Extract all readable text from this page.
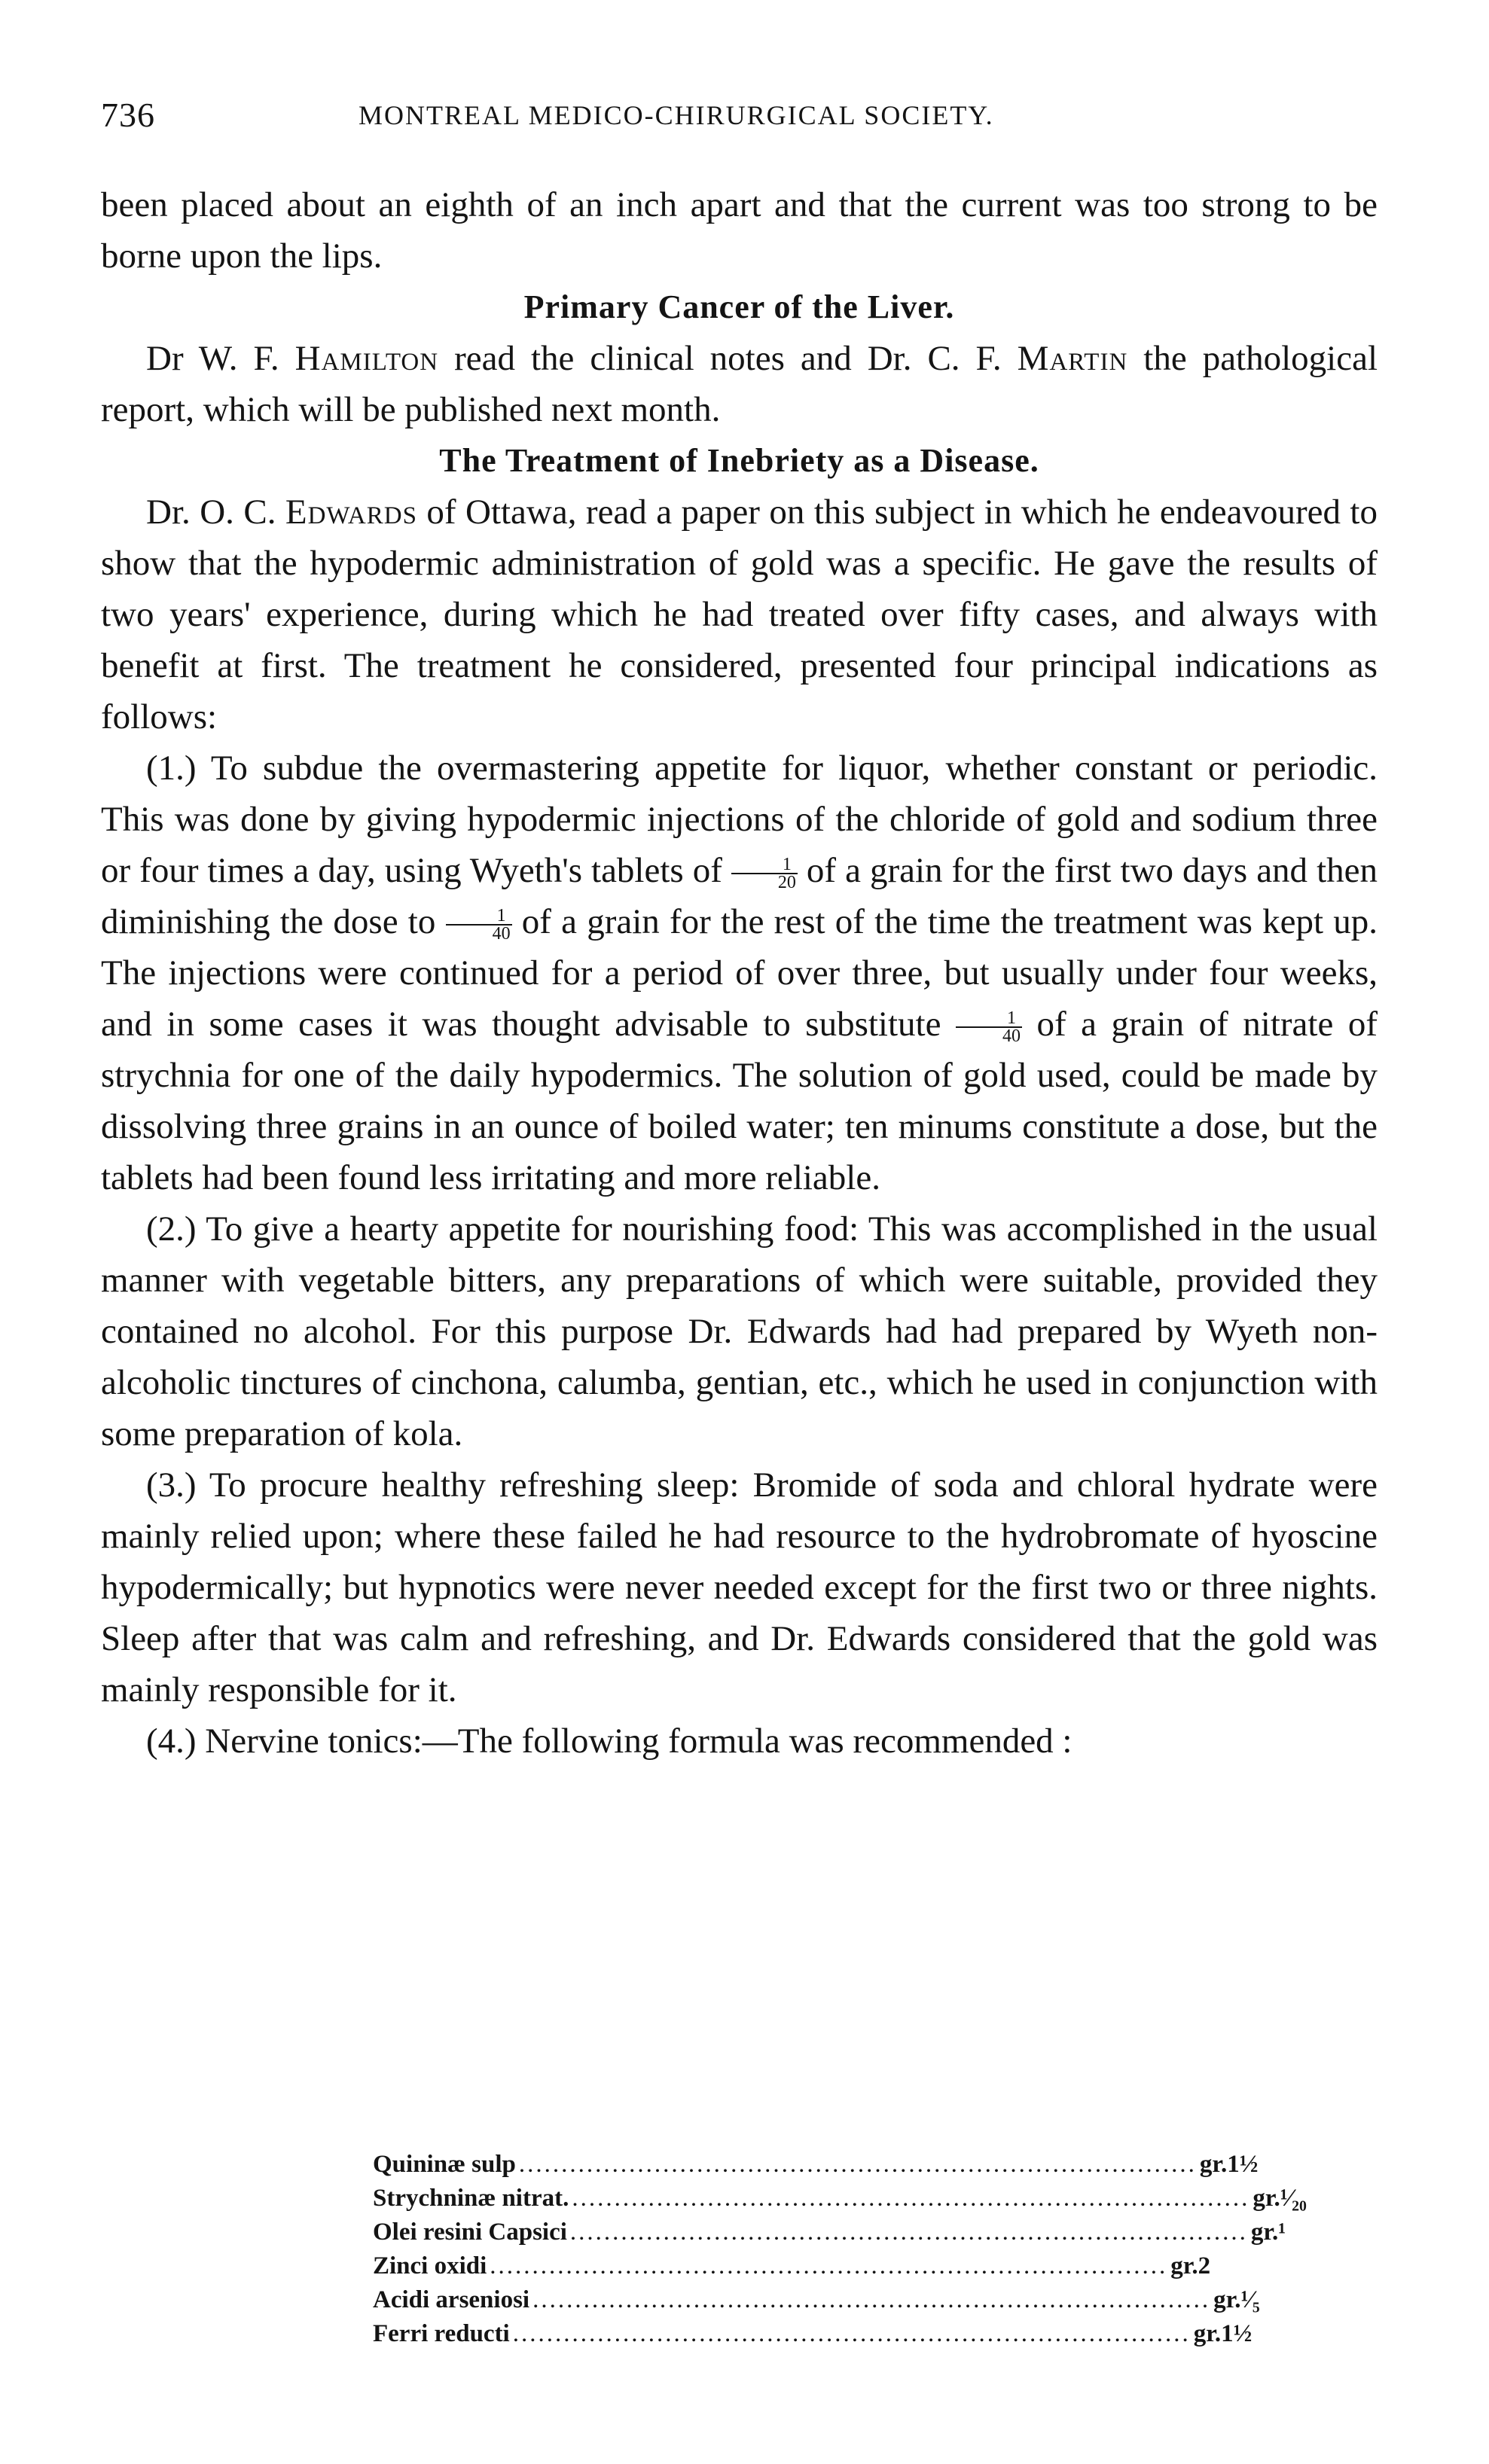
736	MONTREAL MEDICO-CHIRURGICAL SOCIETY.

been placed about an eighth of an inch apart and that the current was too strong to be borne upon the lips.

Primary Cancer of the Liver.

Dr W. F. Hamilton read the clinical notes and Dr. C. F. Martin the pathological report, which will be published next month.

The Treatment of Inebriety as a Disease.

Dr. O. C. Edwards of Ottawa, read a paper on this subject in which he endeavoured to show that the hypodermic administration of gold was a specific. He gave the results of two years' experience, during which he had treated over fifty cases, and always with benefit at first. The treatment he considered, presented four principal indications as follows:

(1.) To subdue the overmastering appetite for liquor, whether constant or periodic. This was done by giving hypodermic injections of the chloride of gold and sodium three or four times a day, using Wyeth's tablets of $\frac{1}{20}$ of a grain for the first two days and then diminishing the dose to $\frac{1}{40}$ of a grain for the rest of the time the treatment was kept up. The injections were continued for a period of over three, but usually under four weeks, and in some cases it was thought advisable to substitute $\frac{1}{40}$ of a grain of nitrate of strychnia for one of the daily hypodermics. The solution of gold used, could be made by dissolving three grains in an ounce of boiled water; ten minums constitute a dose, but the tablets had been found less irritating and more reliable.

(2.) To give a hearty appetite for nourishing food: This was accomplished in the usual manner with vegetable bitters, any preparations of which were suitable, provided they contained no alcohol. For this purpose Dr. Edwards had had prepared by Wyeth non-alcoholic tinctures of cinchona, calumba, gentian, etc., which he used in conjunction with some preparation of kola.

(3.) To procure healthy refreshing sleep: Bromide of soda and chloral hydrate were mainly relied upon; where these failed he had resource to the hydrobromate of hyoscine hypodermically; but hypnotics were never needed except for the first two or three nights. Sleep after that was calm and refreshing, and Dr. Edwards considered that the gold was mainly responsible for it.

(4.) Nervine tonics:—The following formula was recommended :

Quininæ sulp ................................................................................ gr. 1½
Strychninæ nitrat. ................................................................................ gr. ¹⁄₂₀
Olei resini Capsici ................................................................................ gr. ¹
Zinci oxidi ................................................................................ gr. 2
Acidi arseniosi ................................................................................ gr. ¹⁄₅
Ferri reducti ................................................................................ gr. 1½
